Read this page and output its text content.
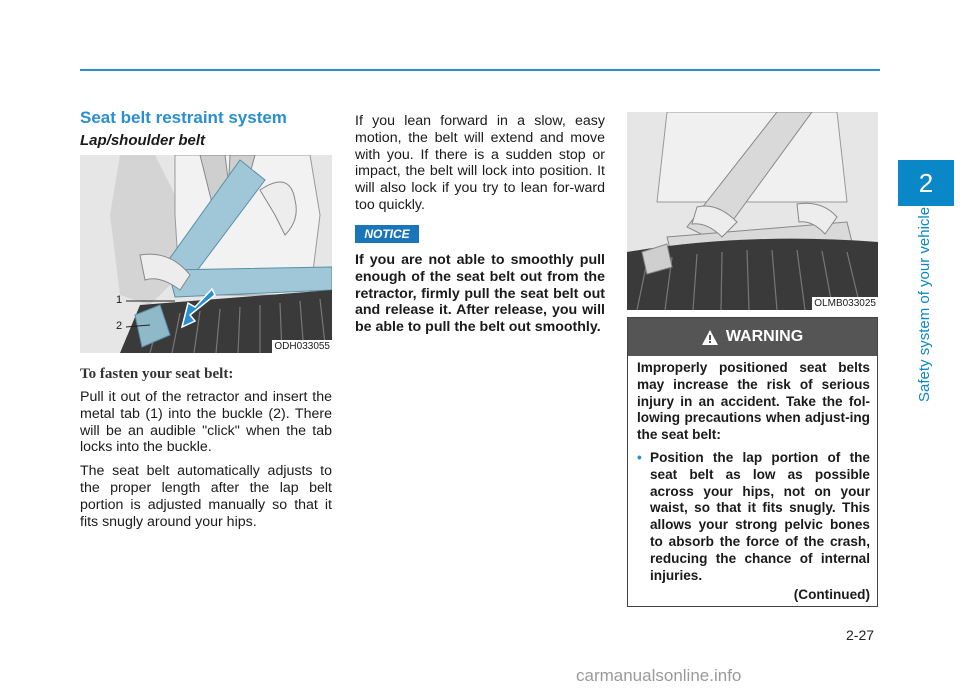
2
Safety system of your vehicle
Seat belt restraint system
Lap/shoulder belt
1
2
ODH033055
To fasten your seat belt:

Pull it out of the retractor and insert the metal tab (1) into the buckle (2). There will be an audible "click" when the tab locks into the buckle.

The seat belt automatically adjusts to the proper length after the lap belt portion is adjusted manually so that it fits snugly around your hips.

If you lean forward in a slow, easy motion, the belt will extend and move with you. If there is a sudden stop or impact, the belt will lock into position. It will also lock if you try to lean for-ward too quickly.
NOTICE
If you are not able to smoothly pull enough of the seat belt out from the retractor, firmly pull the seat belt out and release it. After release, you will be able to pull the belt out smoothly.
OLMB033025
WARNING
Improperly positioned seat belts may increase the risk of serious injury in an accident. Take the fol-lowing precautions when adjust-ing the seat belt:
• Position the lap portion of the seat belt as low as possible across your hips, not on your waist, so that it fits snugly. This allows your strong pelvic bones to absorb the force of the crash, reducing the chance of internal injuries.
(Continued)
2-27
carmanualsonline.info
